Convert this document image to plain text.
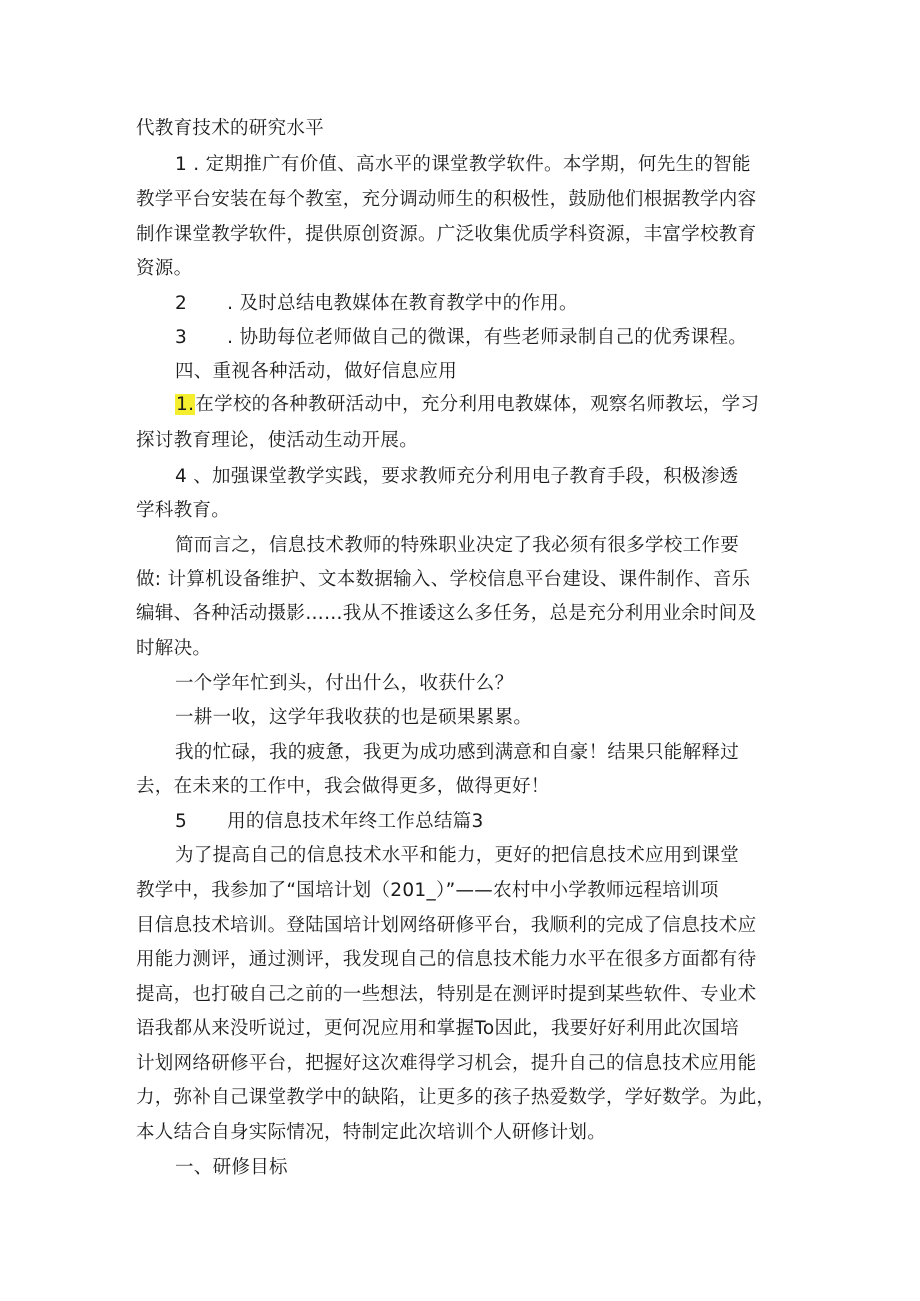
代教育技术的研究水平
1 . 定期推广有价值、高水平的课堂教学软件。本学期，何先生的智能
教学平台安装在每个教室，充分调动师生的积极性，鼓励他们根据教学内容
制作课堂教学软件，提供原创资源。广泛收集优质学科资源，丰富学校教育
资源。
2 . 及时总结电教媒体在教育教学中的作用。
3 . 协助每位老师做自己的微课，有些老师录制自己的优秀课程。
四、重视各种活动，做好信息应用
1.在学校的各种教研活动中，充分利用电教媒体，观察名师教坛，学习
探讨教育理论，使活动生动开展。
4 、加强课堂教学实践，要求教师充分利用电子教育手段，积极渗透
学科教育。
简而言之，信息技术教师的特殊职业决定了我必须有很多学校工作要
做: 计算机设备维护、文本数据输入、学校信息平台建设、课件制作、音乐
编辑、各种活动摄影……我从不推诿这么多任务，总是充分利用业余时间及
时解决。
一个学年忙到头，付出什么，收获什么？
一耕一收，这学年我收获的也是硕果累累。
我的忙碌，我的疲惫，我更为成功感到满意和自豪！结果只能解释过
去，在未来的工作中，我会做得更多，做得更好！
5 用的信息技术年终工作总结篇3
为了提高自己的信息技术水平和能力，更好的把信息技术应用到课堂
教学中，我参加了“国培计划（201_）”——农村中小学教师远程培训项
目信息技术培训。登陆国培计划网络研修平台，我顺利的完成了信息技术应
用能力测评，通过测评，我发现自己的信息技术能力水平在很多方面都有待
提高，也打破自己之前的一些想法，特别是在测评时提到某些软件、专业术
语我都从来没听说过，更何况应用和掌握To因此，我要好好利用此次国培
计划网络研修平台，把握好这次难得学习机会，提升自己的信息技术应用能
力，弥补自己课堂教学中的缺陷，让更多的孩子热爱数学，学好数学。为此，
本人结合自身实际情况，特制定此次培训个人研修计划。
一、研修目标
